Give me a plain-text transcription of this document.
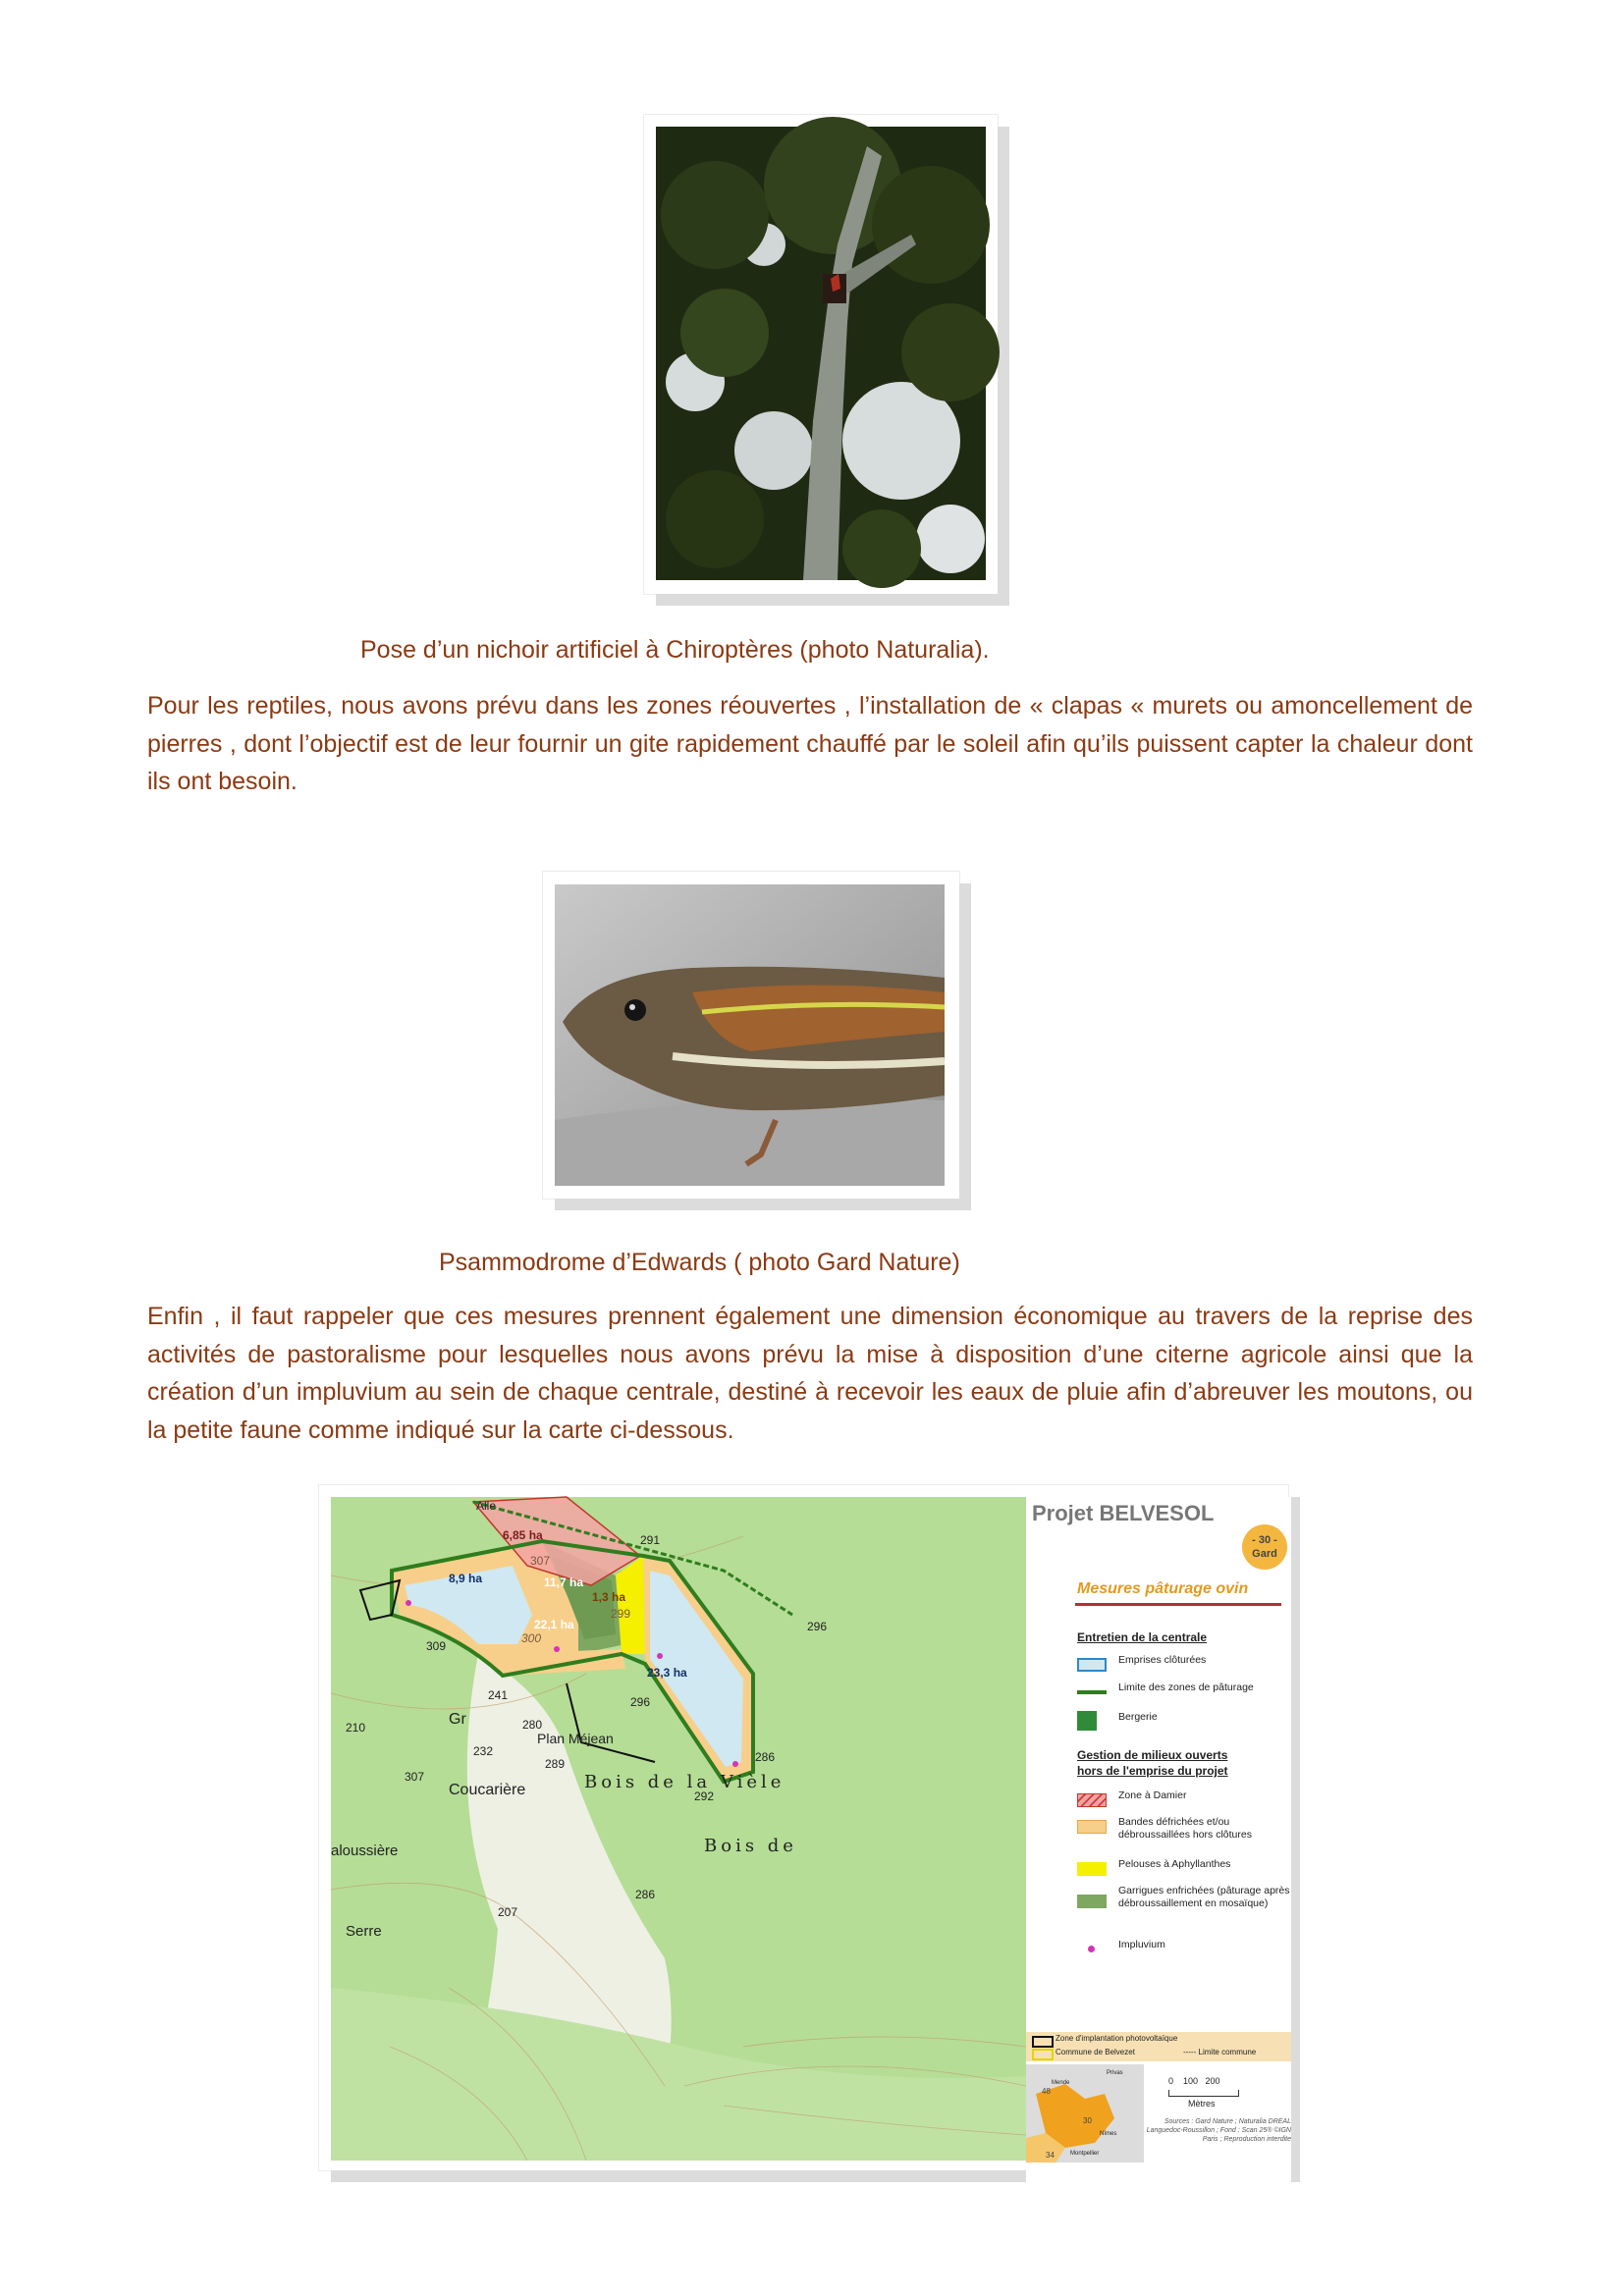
Pose d’un nichoir artificiel à Chiroptères (photo Naturalia).
Pour les reptiles, nous avons prévu dans les zones réouvertes , l’installation de « clapas « murets ou amoncellement de pierres , dont l’objectif est de leur fournir un gite rapidement chauffé par le soleil afin qu’ils puissent capter la chaleur dont ils ont besoin.
Psammodrome d’Edwards ( photo Gard Nature)
Enfin , il faut rappeler que ces mesures prennent également une dimension économique au travers de la reprise des activités de pastoralisme pour lesquelles nous avons prévu la mise à disposition d’une citerne agricole ainsi que la création d’un impluvium au sein de chaque centrale, destiné à recevoir les eaux de pluie afin d’abreuver les moutons, ou la petite faune comme indiqué sur la carte ci-dessous.
6,85 ha
8,9 ha	11,7 ha
1,3 ha
22,1 ha
23,3 ha
Alle
291
307
299
300
296
309
241	296
210	Gr	280
Plan Méjean
232
289	286
307
Coucarière	Bois de la Vièle
292
Bois de
aloussière
286
207
Serre
Projet BELVESOL
- 30 - Gard
Mesures pâturage ovin
Entretien de la centrale
Emprises clôturées
Limite des zones de pâturage
Bergerie
Gestion de milieux ouverts
hors de l'emprise du projet
Zone à Damier
Bandes défrichées et/ou débroussaillées hors clôtures
Pelouses à Aphyllanthes
Garrigues enfrichées (pâturage après débroussaillement en mosaïque)
Impluvium
Zone d'implantation photovoltaïque
Commune de Belvezet	----- Limite commune
48
30
34
Mende
Privas
Nîmes
Montpellier
0    100   200
Mètres
Sources : Gard Nature ; Naturalia DREAL Languedoc-Roussillon ; Fond : Scan 25® ©IGN Paris ; Reproduction interdite
